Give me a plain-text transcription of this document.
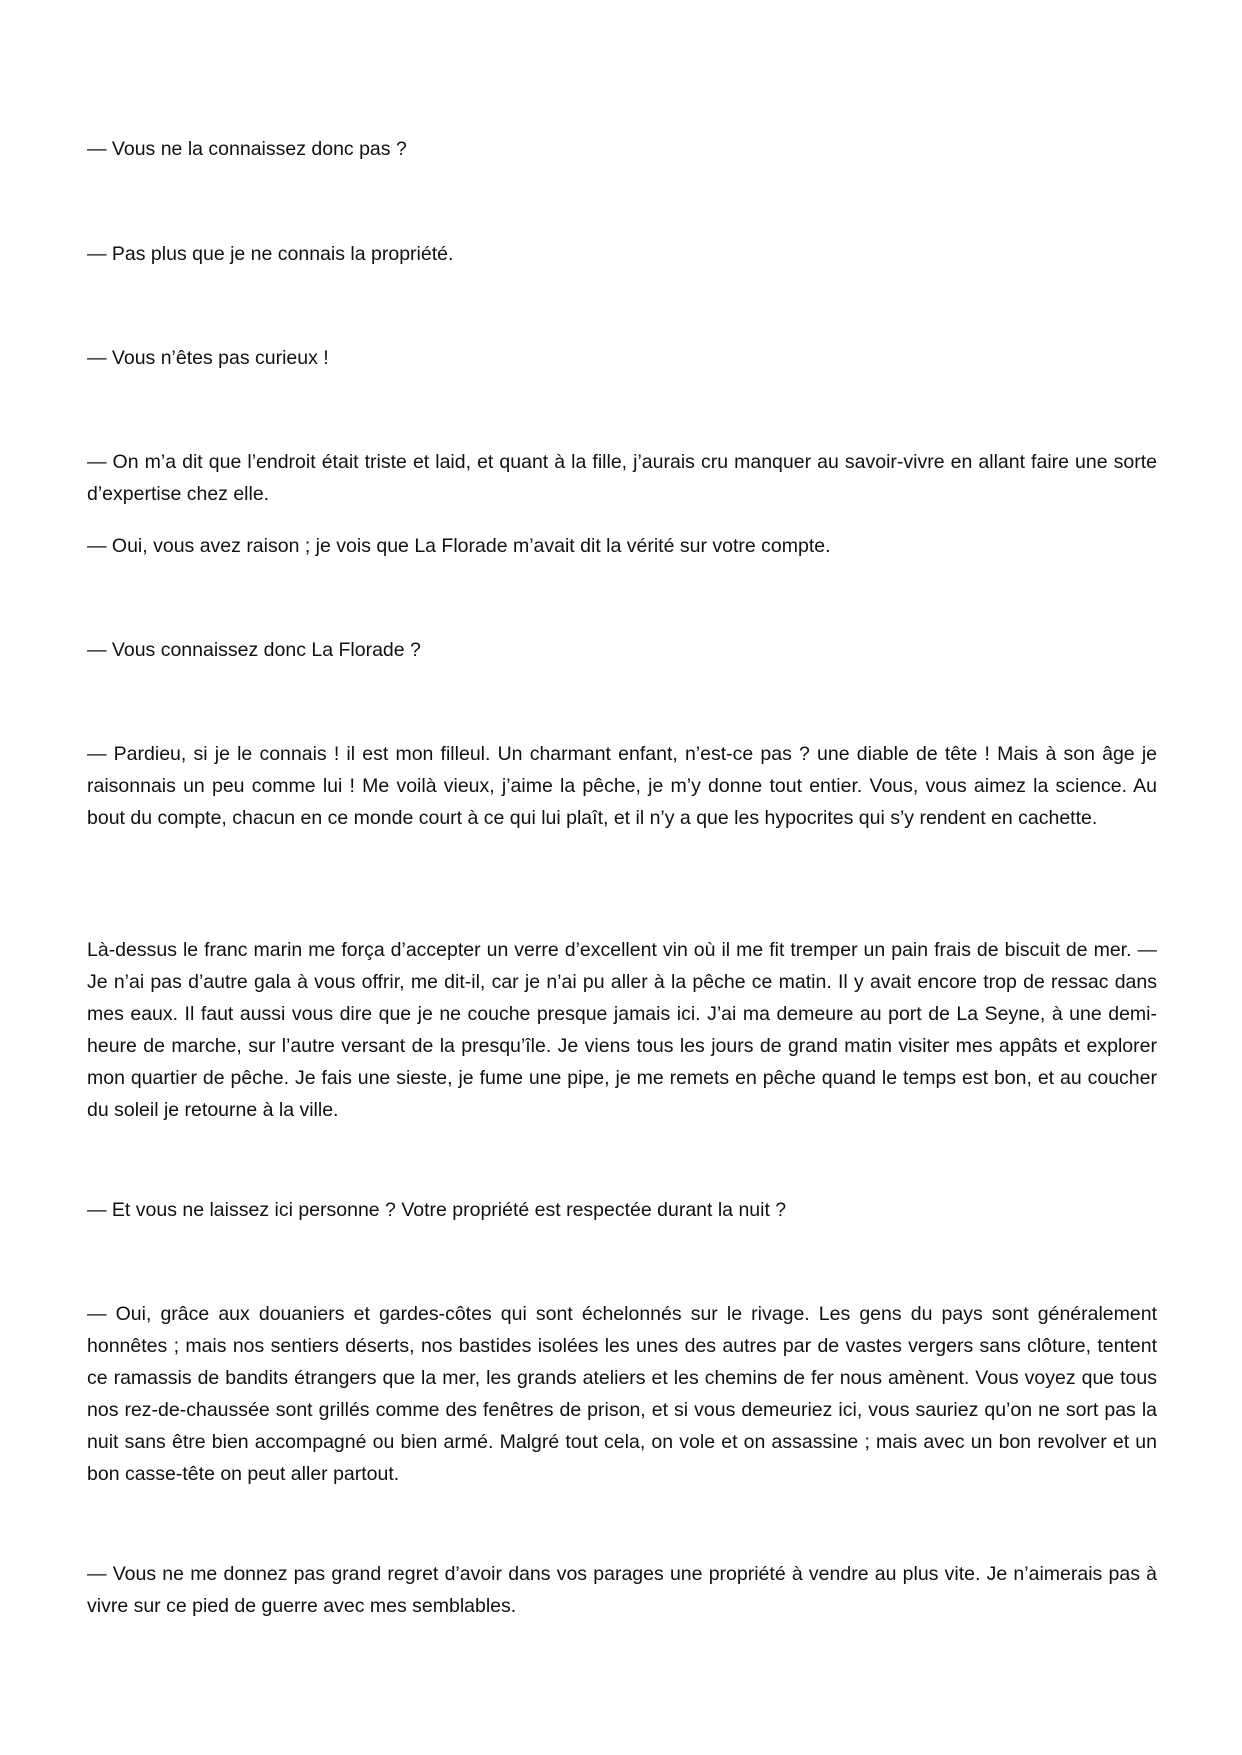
— Vous ne la connaissez donc pas ?

— Pas plus que je ne connais la propriété.

— Vous n’êtes pas curieux !

— On m’a dit que l’endroit était triste et laid, et quant à la fille, j’aurais cru manquer au savoir-vivre en allant faire une sorte d’expertise chez elle.

— Oui, vous avez raison ; je vois que La Florade m’avait dit la vérité sur votre compte.

— Vous connaissez donc La Florade ?

— Pardieu, si je le connais ! il est mon filleul. Un charmant enfant, n’est-ce pas ? une diable de tête ! Mais à son âge je raisonnais un peu comme lui ! Me voilà vieux, j’aime la pêche, je m’y donne tout entier. Vous, vous aimez la science. Au bout du compte, chacun en ce monde court à ce qui lui plaît, et il n’y a que les hypocrites qui s’y rendent en cachette.

Là-dessus le franc marin me força d’accepter un verre d’excellent vin où il me fit tremper un pain frais de biscuit de mer. — Je n’ai pas d’autre gala à vous offrir, me dit-il, car je n’ai pu aller à la pêche ce matin. Il y avait encore trop de ressac dans mes eaux. Il faut aussi vous dire que je ne couche presque jamais ici. J’ai ma demeure au port de La Seyne, à une demi-heure de marche, sur l’autre versant de la presqu’île. Je viens tous les jours de grand matin visiter mes appâts et explorer mon quartier de pêche. Je fais une sieste, je fume une pipe, je me remets en pêche quand le temps est bon, et au coucher du soleil je retourne à la ville.

— Et vous ne laissez ici personne ? Votre propriété est respectée durant la nuit ?

— Oui, grâce aux douaniers et gardes-côtes qui sont échelonnés sur le rivage. Les gens du pays sont généralement honnêtes ; mais nos sentiers déserts, nos bastides isolées les unes des autres par de vastes vergers sans clôture, tentent ce ramassis de bandits étrangers que la mer, les grands ateliers et les chemins de fer nous amènent. Vous voyez que tous nos rez-de-chaussée sont grillés comme des fenêtres de prison, et si vous demeuriez ici, vous sauriez qu’on ne sort pas la nuit sans être bien accompagné ou bien armé. Malgré tout cela, on vole et on assassine ; mais avec un bon revolver et un bon casse-tête on peut aller partout.

— Vous ne me donnez pas grand regret d’avoir dans vos parages une propriété à vendre au plus vite. Je n’aimerais pas à vivre sur ce pied de guerre avec mes semblables.
